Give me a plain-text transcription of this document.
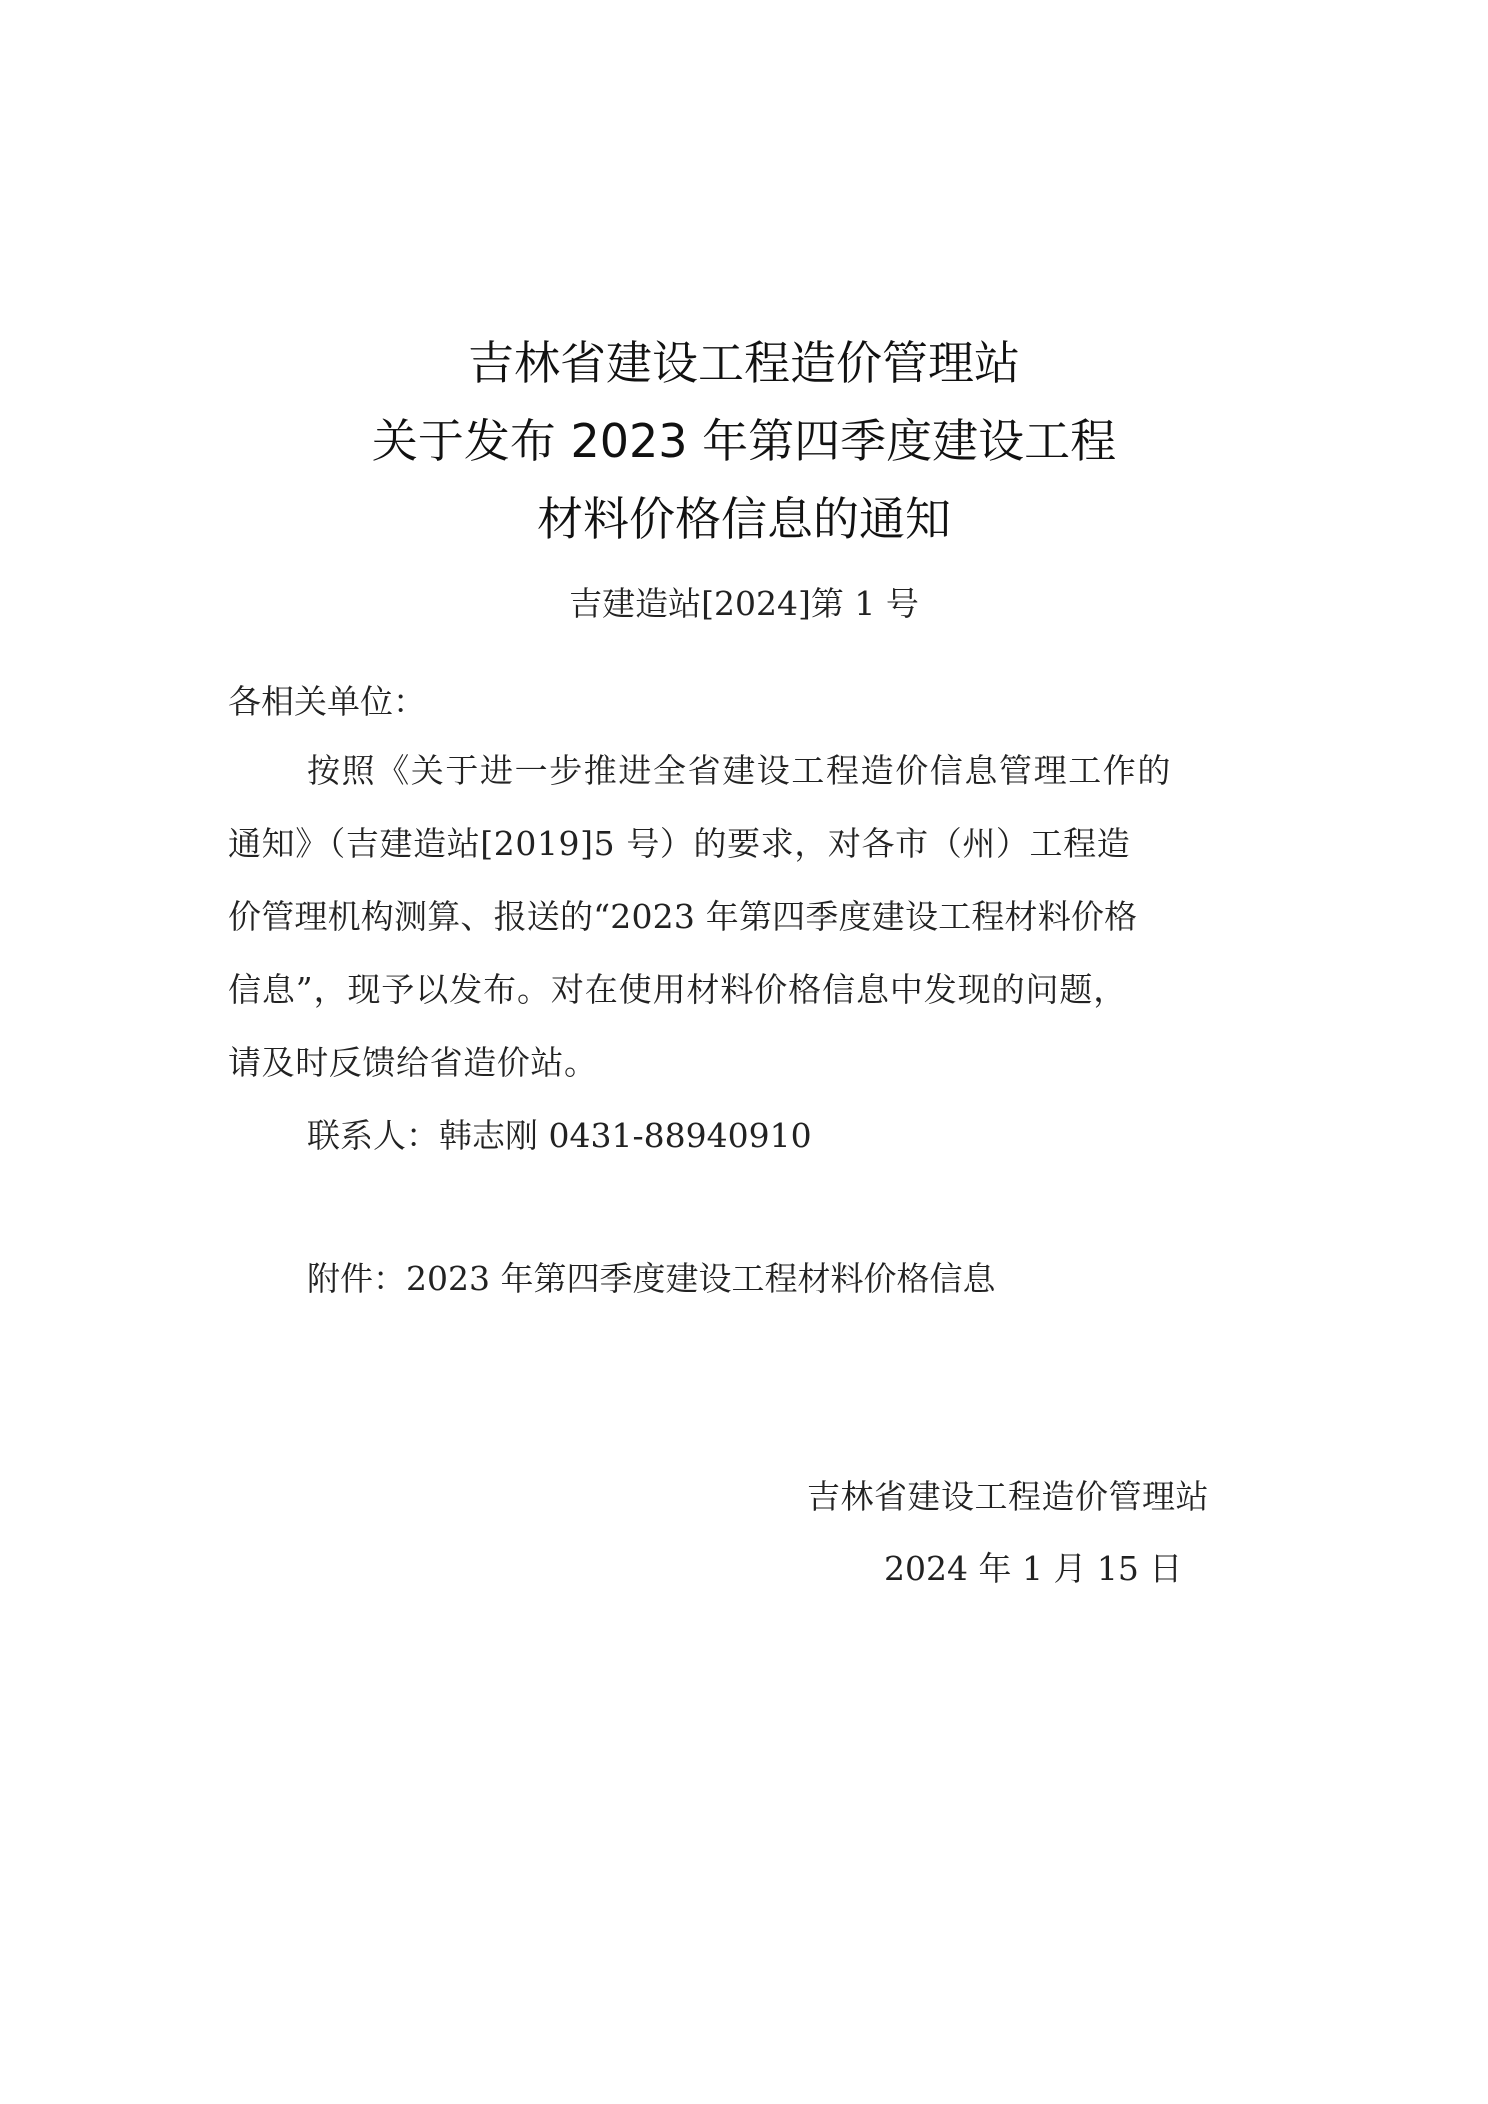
吉林省建设工程造价管理站
关于发布 2023 年第四季度建设工程
材料价格信息的通知
吉建造站[2024]第 1 号
各相关单位：
按照《关于进一步推进全省建设工程造价信息管理工作的
通知》（吉建造站[2019]5 号）的要求，对各市（州）工程造
价管理机构测算、报送的“2023 年第四季度建设工程材料价格
信息”，现予以发布。对在使用材料价格信息中发现的问题，
请及时反馈给省造价站。
联系人：韩志刚 0431-88940910
附件：2023 年第四季度建设工程材料价格信息
吉林省建设工程造价管理站
2024 年 1 月 15 日
